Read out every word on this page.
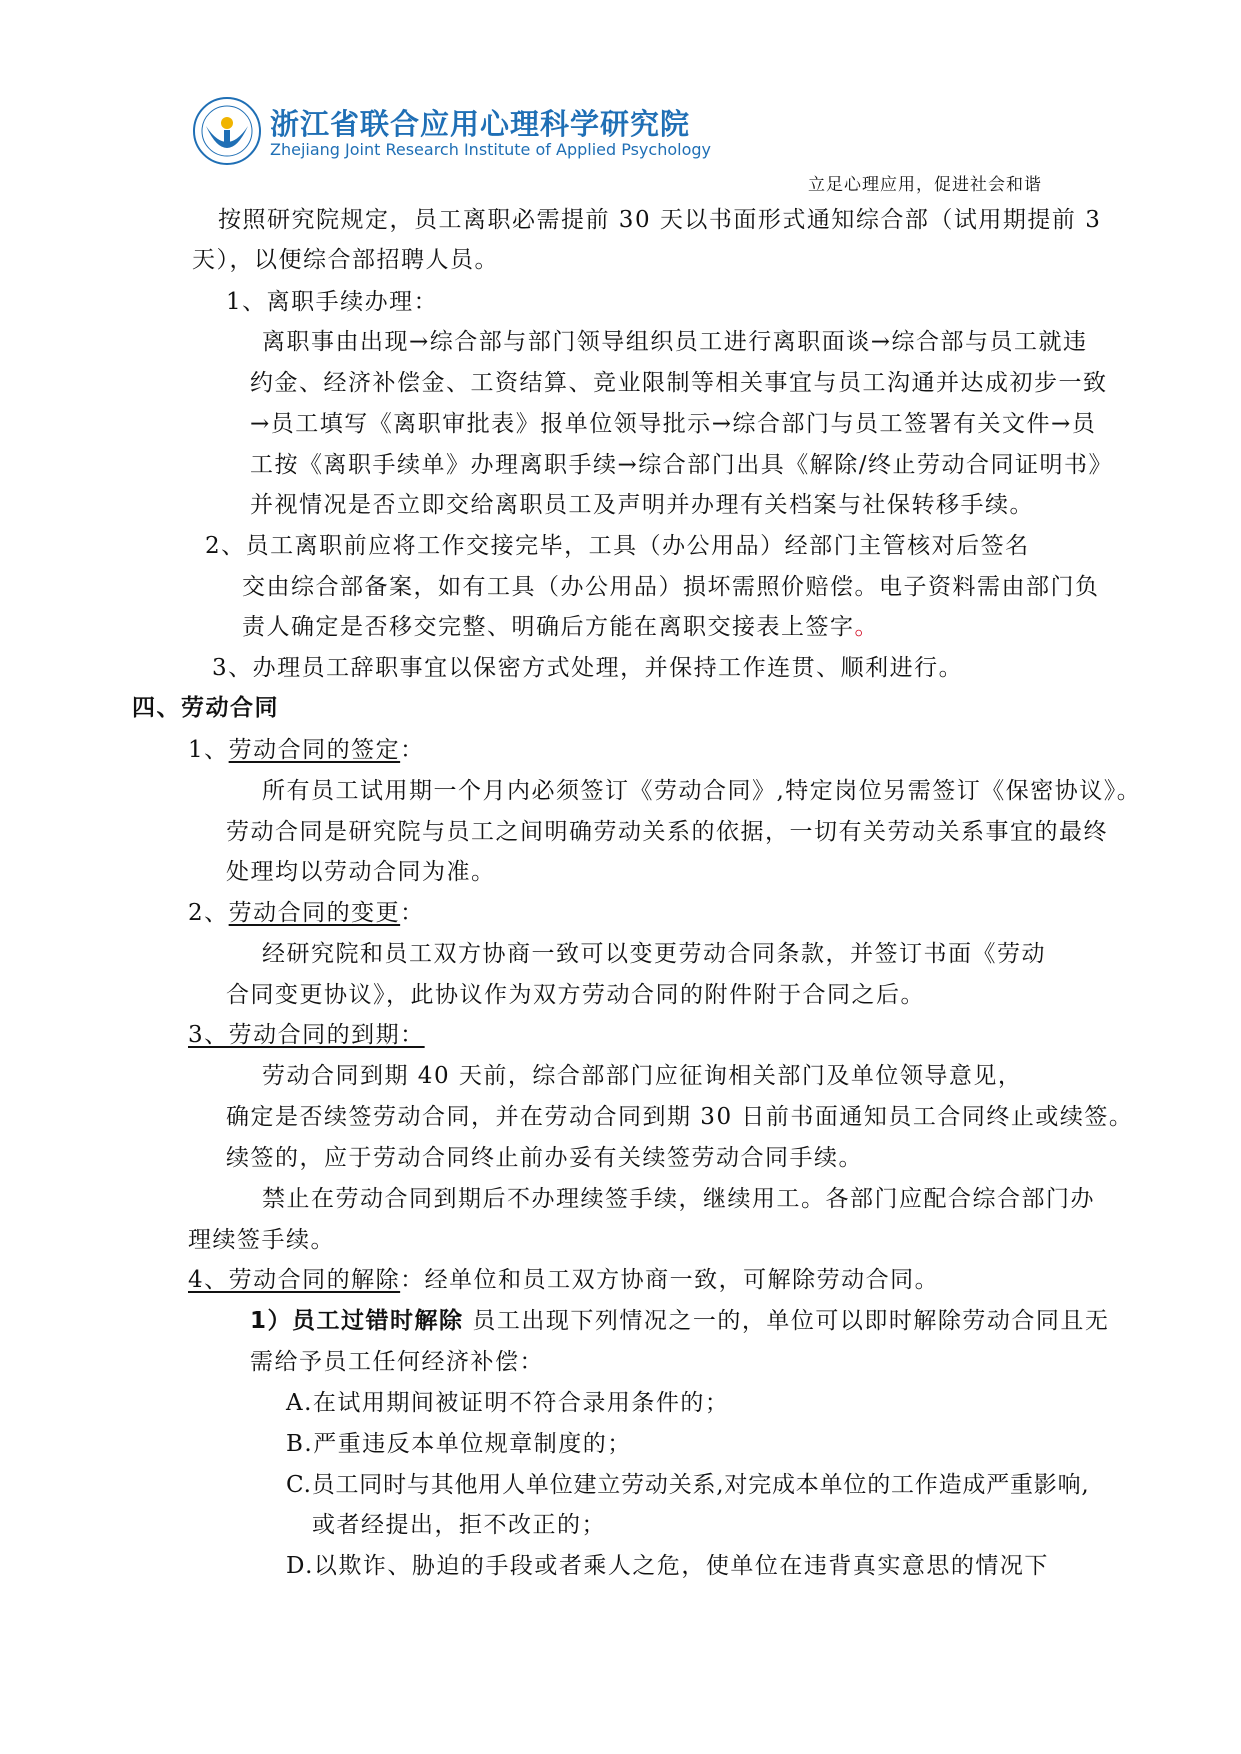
浙江省联合应用心理科学研究院
Zhejiang Joint Research Institute of Applied Psychology
立足心理应用，促进社会和谐
按照研究院规定，员工离职必需提前 30 天以书面形式通知综合部（试用期提前 3
天），以便综合部招聘人员。
1、离职手续办理：
离职事由出现→综合部与部门领导组织员工进行离职面谈→综合部与员工就违
约金、经济补偿金、工资结算、竞业限制等相关事宜与员工沟通并达成初步一致
→员工填写《离职审批表》报单位领导批示→综合部门与员工签署有关文件→员
工按《离职手续单》办理离职手续→综合部门出具《解除/终止劳动合同证明书》
并视情况是否立即交给离职员工及声明并办理有关档案与社保转移手续。
2、员工离职前应将工作交接完毕，工具（办公用品）经部门主管核对后签名
交由综合部备案，如有工具（办公用品）损坏需照价赔偿。电子资料需由部门负
责人确定是否移交完整、明确后方能在离职交接表上签字。
3、办理员工辞职事宜以保密方式处理，并保持工作连贯、顺利进行。
四、劳动合同
1、劳动合同的签定：
所有员工试用期一个月内必须签订《劳动合同》,特定岗位另需签订《保密协议》。
劳动合同是研究院与员工之间明确劳动关系的依据，一切有关劳动关系事宜的最终
处理均以劳动合同为准。
2、劳动合同的变更：
经研究院和员工双方协商一致可以变更劳动合同条款，并签订书面《劳动
合同变更协议》，此协议作为双方劳动合同的附件附于合同之后。
3、劳动合同的到期：
劳动合同到期 40 天前，综合部部门应征询相关部门及单位领导意见，
确定是否续签劳动合同，并在劳动合同到期 30 日前书面通知员工合同终止或续签。
续签的，应于劳动合同终止前办妥有关续签劳动合同手续。
禁止在劳动合同到期后不办理续签手续，继续用工。各部门应配合综合部门办
理续签手续。
4、劳动合同的解除：经单位和员工双方协商一致，可解除劳动合同。
1）员工过错时解除 员工出现下列情况之一的，单位可以即时解除劳动合同且无
需给予员工任何经济补偿：
A.在试用期间被证明不符合录用条件的；
B.严重违反本单位规章制度的；
C.员工同时与其他用人单位建立劳动关系,对完成本单位的工作造成严重影响,
或者经提出，拒不改正的；
D.以欺诈、胁迫的手段或者乘人之危，使单位在违背真实意思的情况下
